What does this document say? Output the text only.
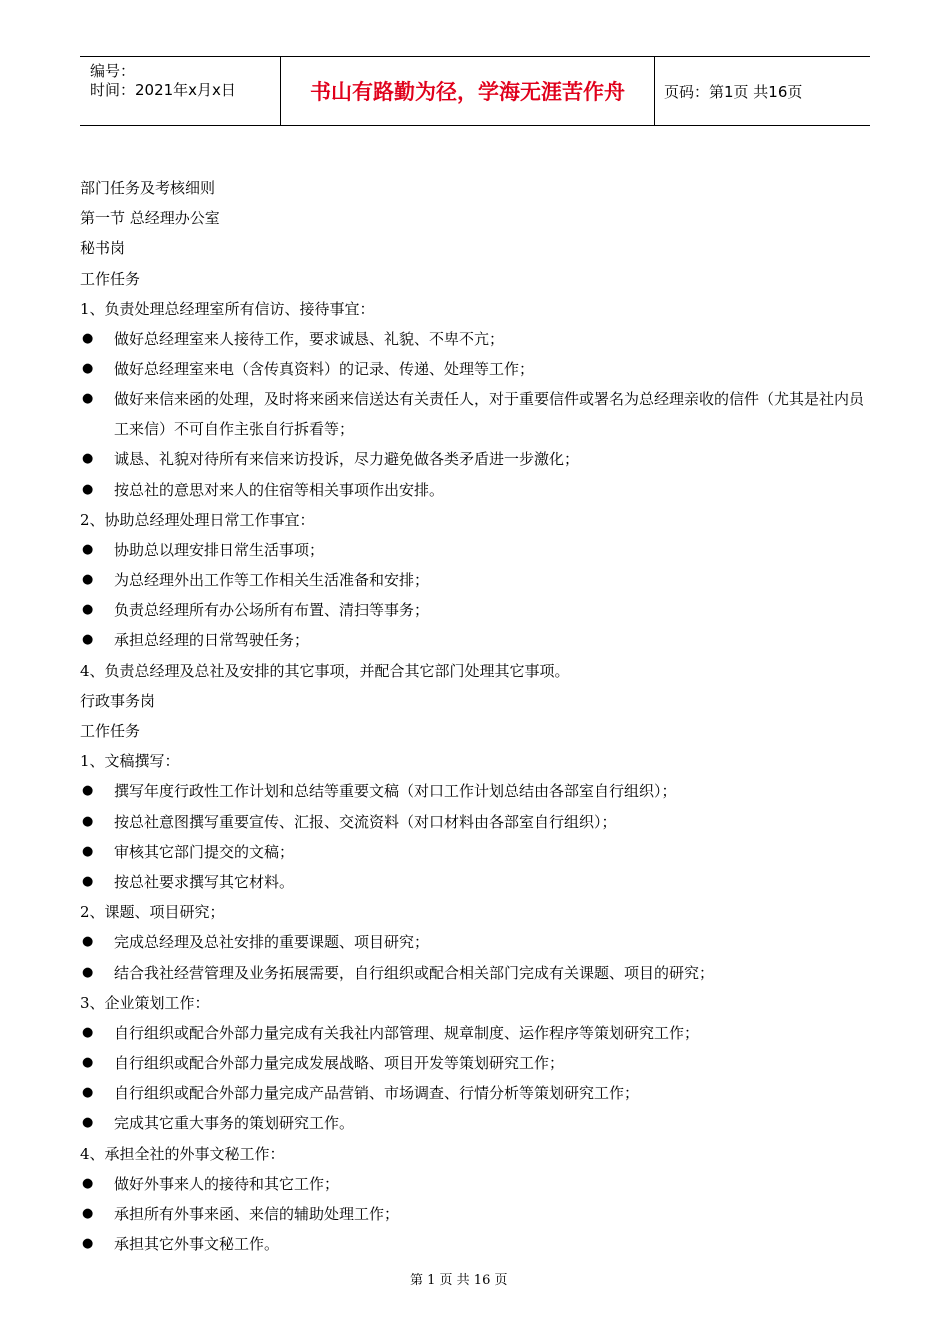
编号：
时间：2021年x月x日	书山有路勤为径，学海无涯苦作舟	页码：第1页 共16页
部门任务及考核细则
第一节 总经理办公室
秘书岗
工作任务
1、负责处理总经理室所有信访、接待事宜：
● 做好总经理室来人接待工作，要求诚恳、礼貌、不卑不亢；
● 做好总经理室来电（含传真资料）的记录、传递、处理等工作；
● 做好来信来函的处理，及时将来函来信送达有关责任人，对于重要信件或署名为总经理亲收的信件（尤其是社内员工来信）不可自作主张自行拆看等；
● 诚恳、礼貌对待所有来信来访投诉，尽力避免做各类矛盾进一步激化；
● 按总社的意思对来人的住宿等相关事项作出安排。
2、协助总经理处理日常工作事宜：
● 协助总以理安排日常生活事项；
● 为总经理外出工作等工作相关生活准备和安排；
● 负责总经理所有办公场所有布置、清扫等事务；
● 承担总经理的日常驾驶任务；
4、负责总经理及总社及安排的其它事项，并配合其它部门处理其它事项。
行政事务岗
工作任务
1、文稿撰写：
● 撰写年度行政性工作计划和总结等重要文稿（对口工作计划总结由各部室自行组织）；
● 按总社意图撰写重要宣传、汇报、交流资料（对口材料由各部室自行组织）；
● 审核其它部门提交的文稿；
● 按总社要求撰写其它材料。
2、课题、项目研究；
● 完成总经理及总社安排的重要课题、项目研究；
● 结合我社经营管理及业务拓展需要，自行组织或配合相关部门完成有关课题、项目的研究；
3、企业策划工作：
● 自行组织或配合外部力量完成有关我社内部管理、规章制度、运作程序等策划研究工作；
● 自行组织或配合外部力量完成发展战略、项目开发等策划研究工作；
● 自行组织或配合外部力量完成产品营销、市场调查、行情分析等策划研究工作；
● 完成其它重大事务的策划研究工作。
4、承担全社的外事文秘工作：
● 做好外事来人的接待和其它工作；
● 承担所有外事来函、来信的辅助处理工作；
● 承担其它外事文秘工作。
第 1 页 共 16 页
